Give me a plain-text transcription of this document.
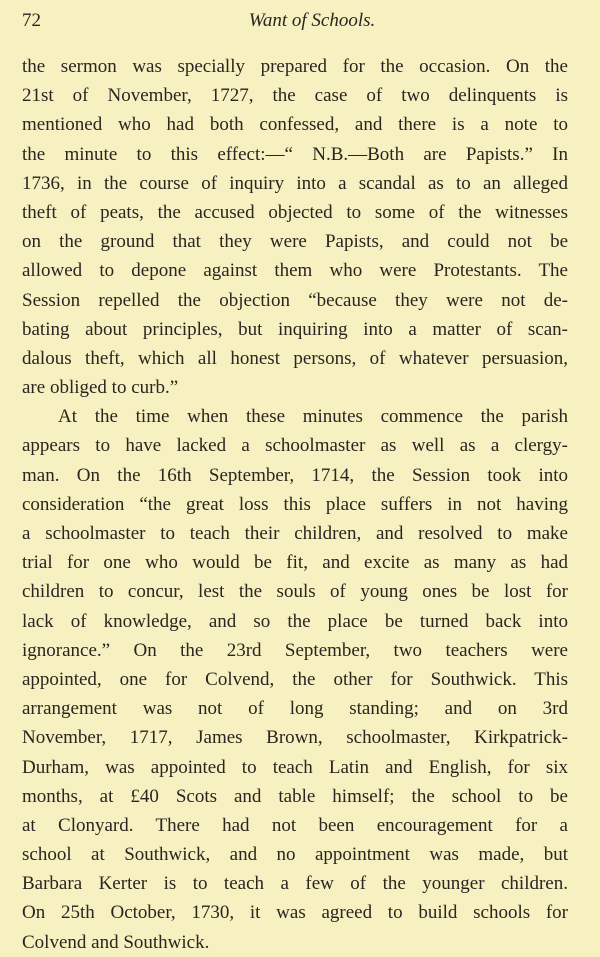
72	Want of Schools.
the sermon was specially prepared for the occasion. On the
21st of November, 1727, the case of two delinquents is
mentioned who had both confessed, and there is a note to
the minute to this effect:—“ N.B.—Both are Papists.” In
1736, in the course of inquiry into a scandal as to an alleged
theft of peats, the accused objected to some of the witnesses
on the ground that they were Papists, and could not be
allowed to depone against them who were Protestants. The
Session repelled the objection “because they were not de-
bating about principles, but inquiring into a matter of scan-
dalous theft, which all honest persons, of whatever persuasion,
are obliged to curb.”
At the time when these minutes commence the parish
appears to have lacked a schoolmaster as well as a clergy-
man. On the 16th September, 1714, the Session took into
consideration “the great loss this place suffers in not having
a schoolmaster to teach their children, and resolved to make
trial for one who would be fit, and excite as many as had
children to concur, lest the souls of young ones be lost for
lack of knowledge, and so the place be turned back into
ignorance.” On the 23rd September, two teachers were
appointed, one for Colvend, the other for Southwick. This
arrangement was not of long standing; and on 3rd
November, 1717, James Brown, schoolmaster, Kirkpatrick-
Durham, was appointed to teach Latin and English, for six
months, at £40 Scots and table himself; the school to be
at Clonyard. There had not been encouragement for a
school at Southwick, and no appointment was made, but
Barbara Kerter is to teach a few of the younger children.
On 25th October, 1730, it was agreed to build schools for
Colvend and Southwick.
